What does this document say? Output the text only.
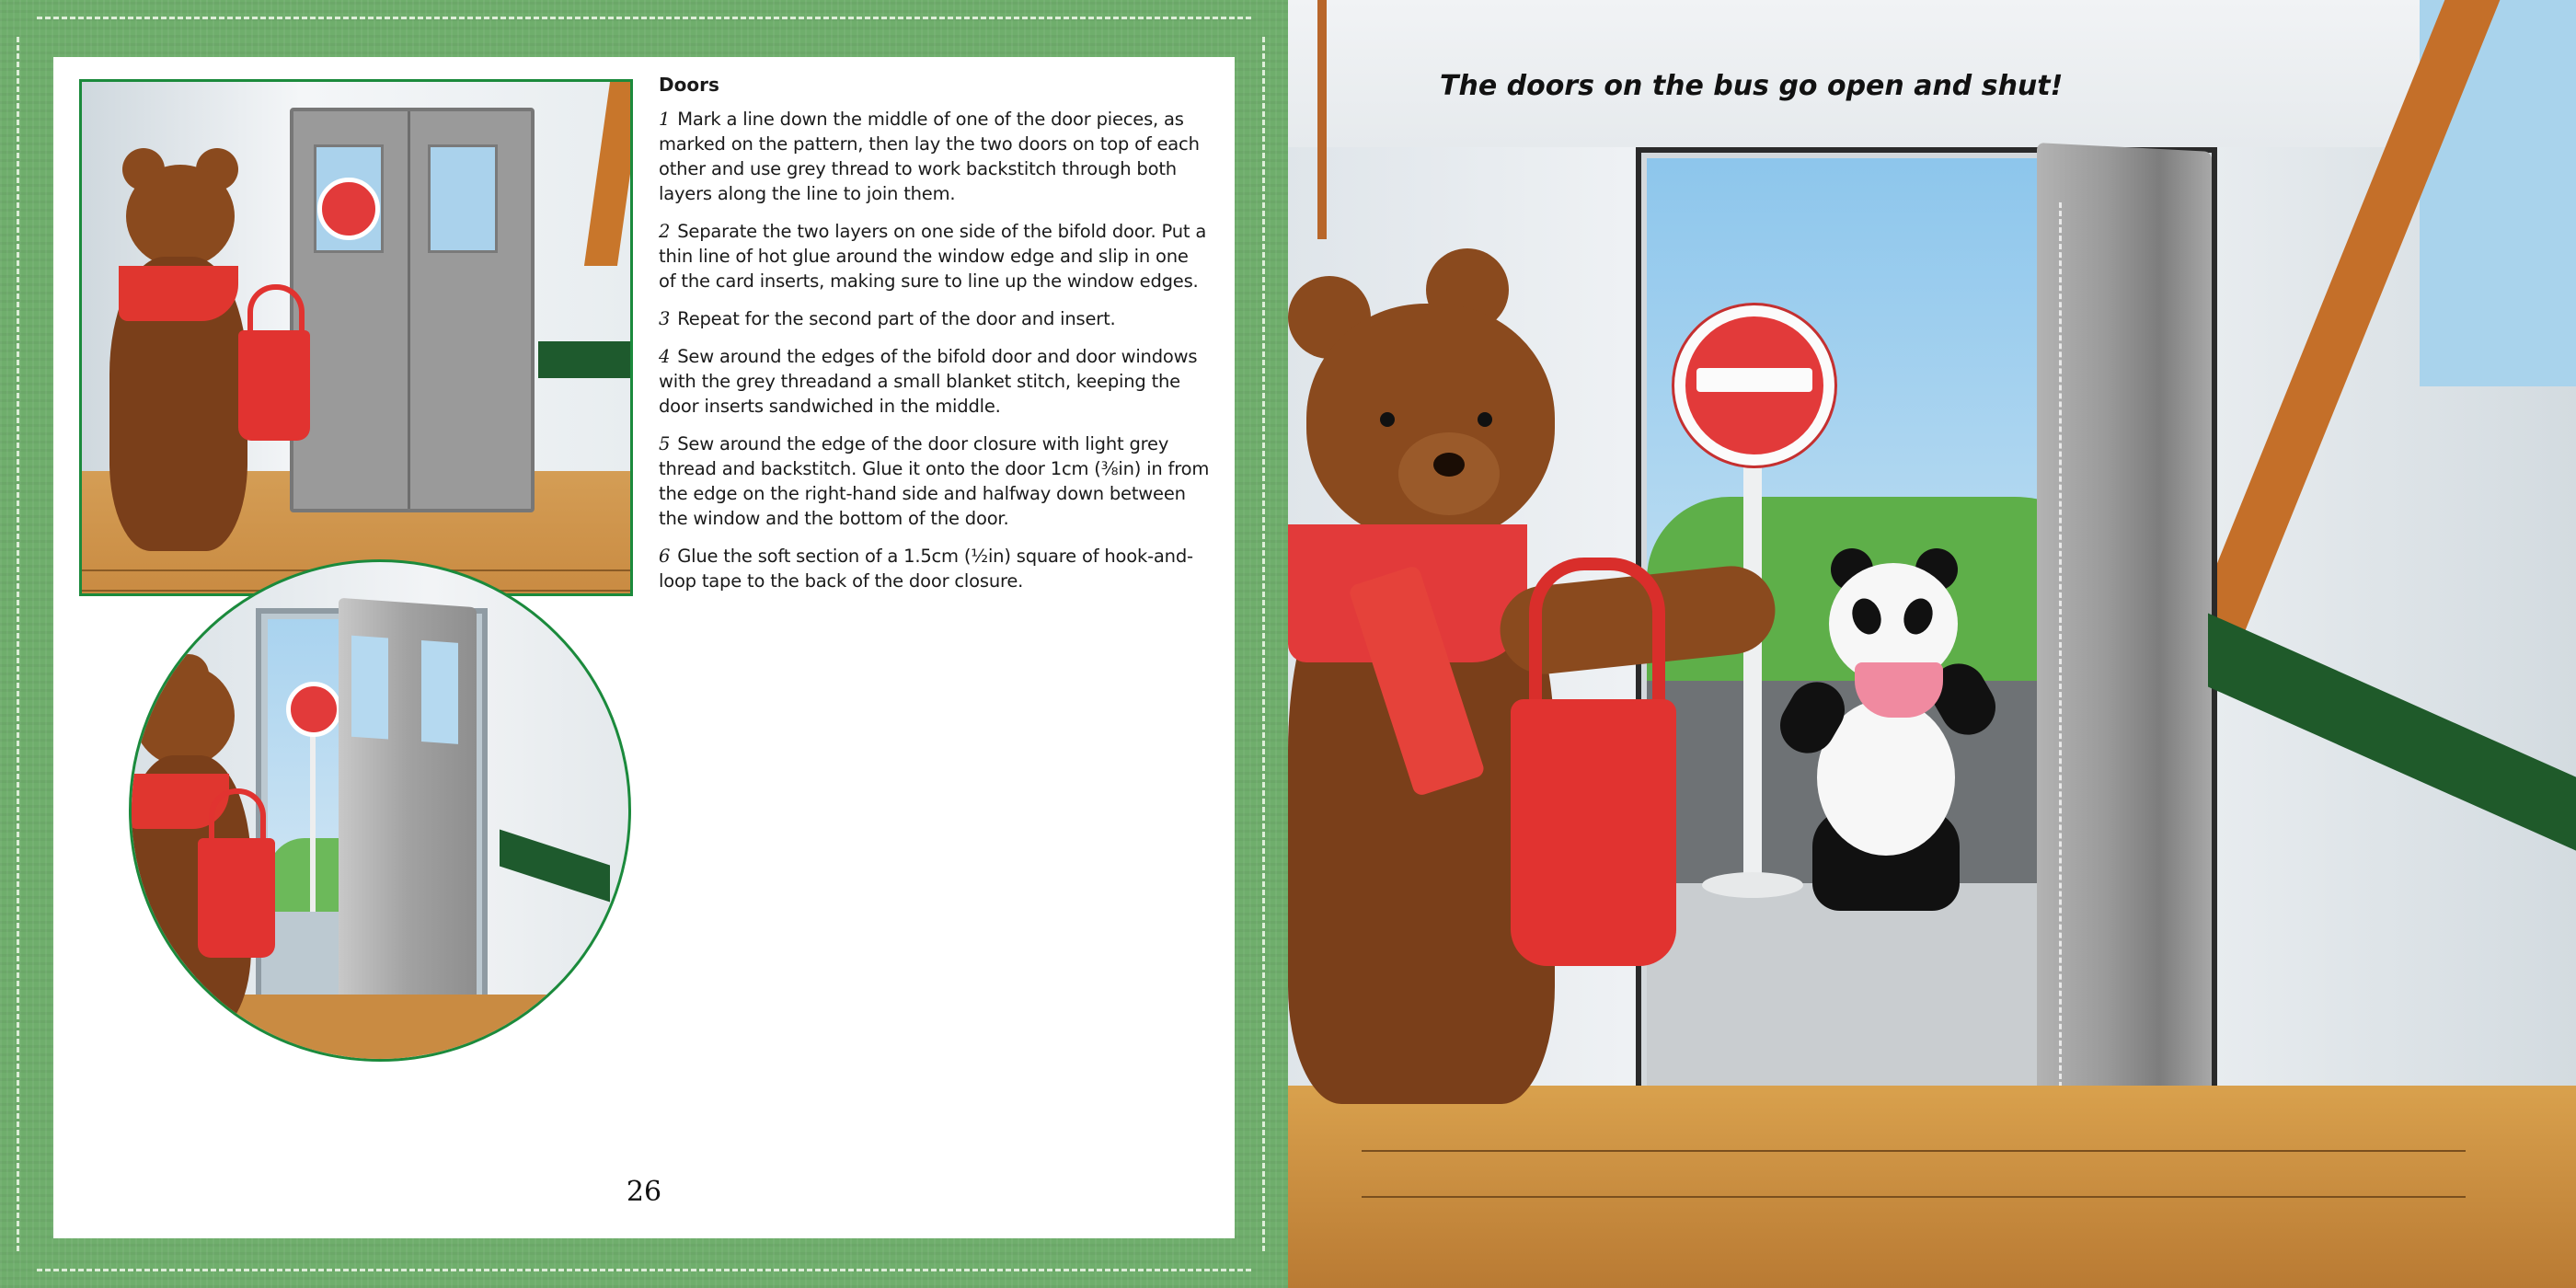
Doors

1 Mark a line down the middle of one of the door pieces, as marked on the pattern, then lay the two doors on top of each other and use grey thread to work backstitch through both layers along the line to join them.

2 Separate the two layers on one side of the bifold door. Put a thin line of hot glue around the window edge and slip in one of the card inserts, making sure to line up the window edges.

3 Repeat for the second part of the door and insert.

4 Sew around the edges of the bifold door and door windows with the grey threadand a small blanket stitch, keeping the door inserts sandwiched in the middle.

5 Sew around the edge of the door closure with light grey thread and backstitch. Glue it onto the door 1cm (⅜in) in from the edge on the right-hand side and halfway down between the window and the bottom of the door.

6 Glue the soft section of a 1.5cm (½in) square of hook-and-loop tape to the back of the door closure.

26
The doors on the bus go open and shut!
